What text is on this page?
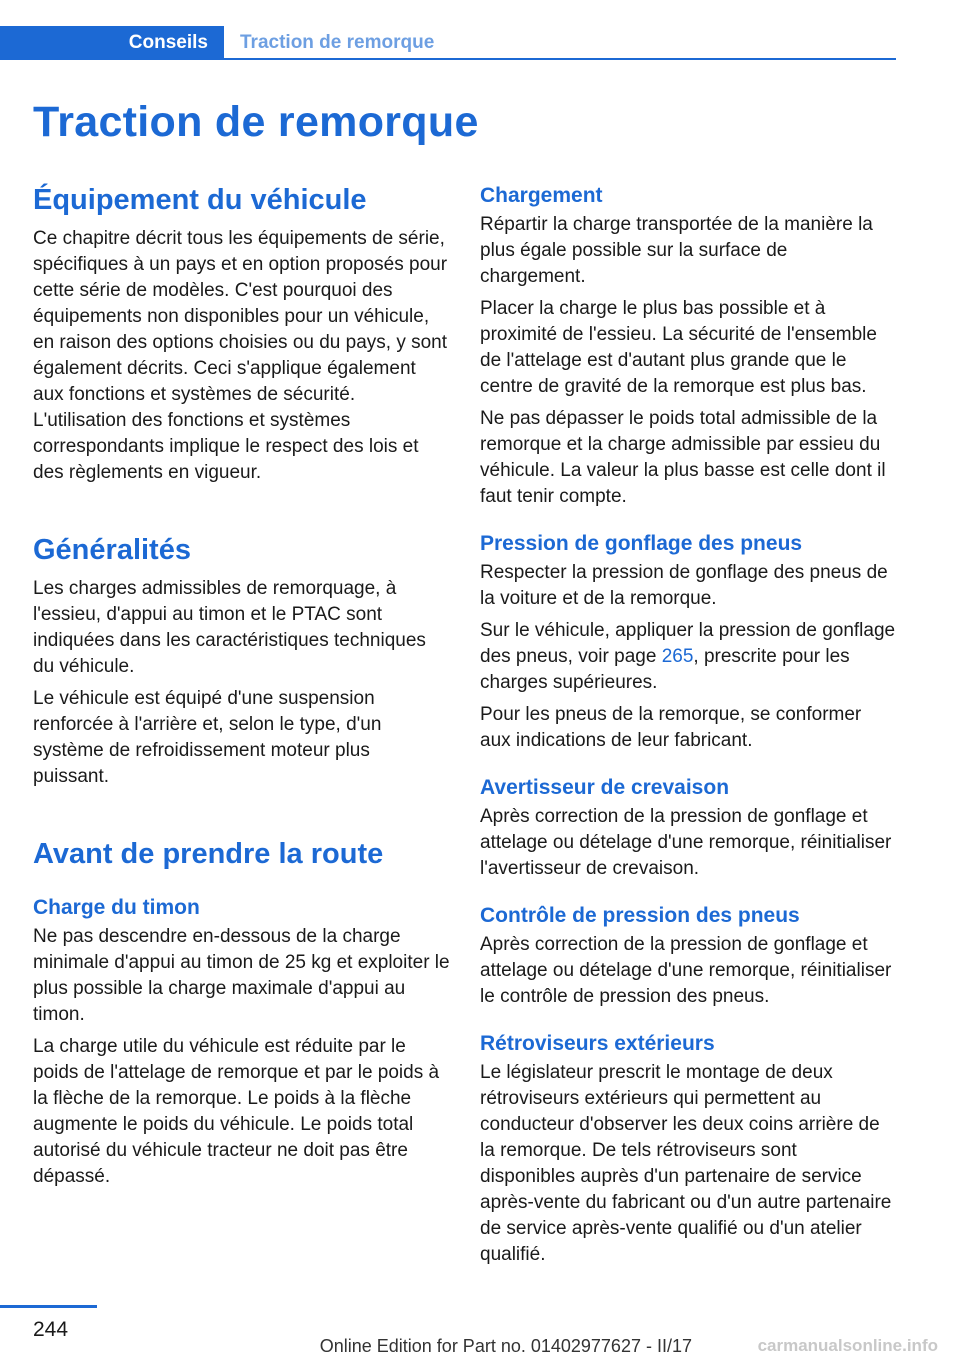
Conseils Traction de remorque
Traction de remorque
Équipement du véhicule

Ce chapitre décrit tous les équipements de série, spécifiques à un pays et en option proposés pour cette série de modèles. C'est pourquoi des équipements non disponibles pour un véhicule, en raison des options choisies ou du pays, y sont également décrits. Ceci s'applique également aux fonctions et systèmes de sécurité. L'utilisation des fonctions et systèmes correspondants implique le respect des lois et des règlements en vigueur.

Généralités

Les charges admissibles de remorquage, à l'essieu, d'appui au timon et le PTAC sont indiquées dans les caractéristiques techniques du véhicule.

Le véhicule est équipé d'une suspension renforcée à l'arrière et, selon le type, d'un système de refroidissement moteur plus puissant.

Avant de prendre la route
Charge du timon

Ne pas descendre en-dessous de la charge minimale d'appui au timon de 25 kg et exploiter le plus possible la charge maximale d'appui au timon.

La charge utile du véhicule est réduite par le poids de l'attelage de remorque et par le poids à la flèche de la remorque. Le poids à la flèche augmente le poids du véhicule. Le poids total autorisé du véhicule tracteur ne doit pas être dépassé.

Chargement

Répartir la charge transportée de la manière la plus égale possible sur la surface de chargement.

Placer la charge le plus bas possible et à proximité de l'essieu. La sécurité de l'ensemble de l'attelage est d'autant plus grande que le centre de gravité de la remorque est plus bas.

Ne pas dépasser le poids total admissible de la remorque et la charge admissible par essieu du véhicule. La valeur la plus basse est celle dont il faut tenir compte.

Pression de gonflage des pneus

Respecter la pression de gonflage des pneus de la voiture et de la remorque.

Sur le véhicule, appliquer la pression de gonflage des pneus, voir page 265, prescrite pour les charges supérieures.

Pour les pneus de la remorque, se conformer aux indications de leur fabricant.

Avertisseur de crevaison

Après correction de la pression de gonflage et attelage ou dételage d'une remorque, réinitialiser l'avertisseur de crevaison.

Contrôle de pression des pneus

Après correction de la pression de gonflage et attelage ou dételage d'une remorque, réinitialiser le contrôle de pression des pneus.

Rétroviseurs extérieurs

Le législateur prescrit le montage de deux rétroviseurs extérieurs qui permettent au conducteur d'observer les deux coins arrière de la remorque. De tels rétroviseurs sont disponibles auprès d'un partenaire de service après-vente du fabricant ou d'un autre partenaire de service après-vente qualifié ou d'un atelier qualifié.

244
Online Edition for Part no. 01402977627 - II/17	carmanualsonline.info
